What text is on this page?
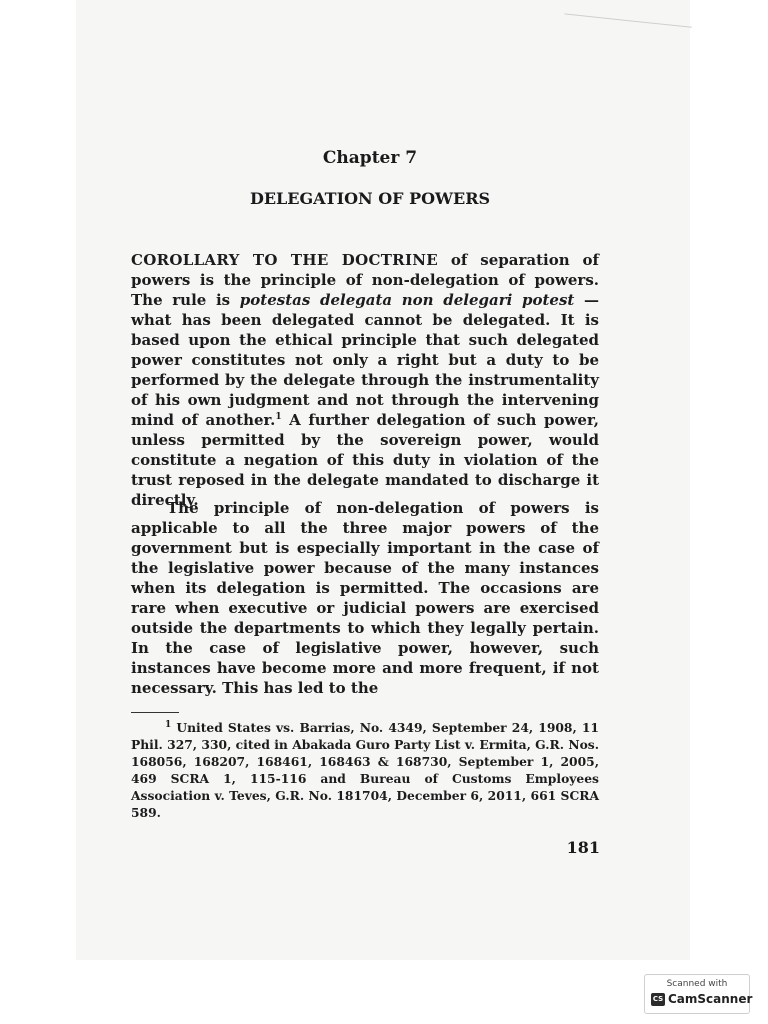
Chapter 7
DELEGATION OF POWERS
COROLLARY TO THE DOCTRINE of separation of powers is the principle of non-delegation of powers. The rule is potestas delegata non delegari potest — what has been delegated cannot be delegated. It is based upon the ethical principle that such delegated power constitutes not only a right but a duty to be performed by the delegate through the instrumentality of his own judgment and not through the intervening mind of another.$^1$ A further delegation of such power, unless permitted by the sovereign power, would constitute a negation of this duty in violation of the trust reposed in the delegate mandated to discharge it directly.
The principle of non-delegation of powers is applicable to all the three major powers of the government but is especially important in the case of the legislative power because of the many instances when its delegation is permitted. The occasions are rare when executive or judicial powers are exercised outside the departments to which they legally pertain. In the case of legislative power, however, such instances have become more and more frequent, if not necessary. This has led to the
$^1$ United States vs. Barrias, No. 4349, September 24, 1908, 11 Phil. 327, 330, cited in Abakada Guro Party List v. Ermita, G.R. Nos. 168056, 168207, 168461, 168463 & 168730, September 1, 2005, 469 SCRA 1, 115-116 and Bureau of Customs Employees Association v. Teves, G.R. No. 181704, December 6, 2011, 661 SCRA 589.
181
Scanned with
CS CamScanner
